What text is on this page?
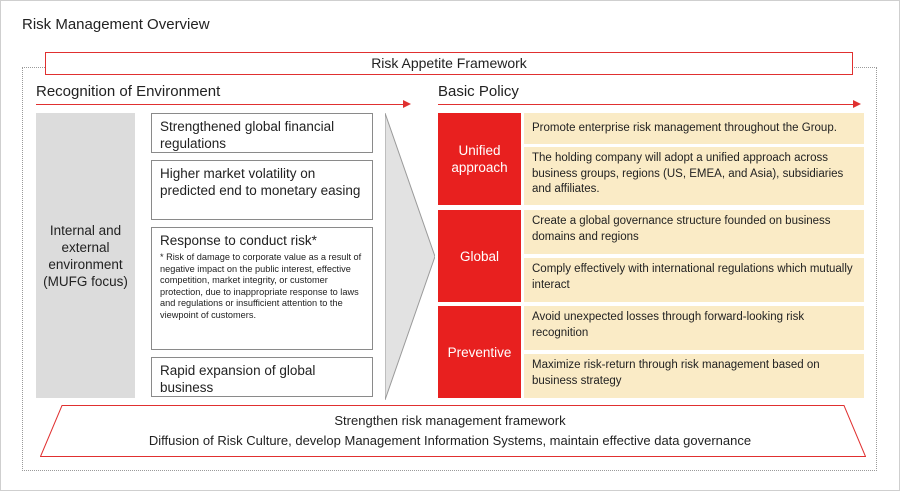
Risk Management Overview
Risk Appetite Framework
Recognition of Environment	Basic Policy
Internal and external environment (MUFG focus)
Strengthened global financial regulations
Higher market volatility on predicted end to monetary easing
Response to conduct risk*
* Risk of damage to corporate value as a result of negative impact on the public interest, effective competition, market integrity, or customer protection, due to inappropriate response to laws and regulations or insufficient attention to the viewpoint of customers.
Rapid expansion of global business
Unified approach
Global
Preventive
Promote enterprise risk management throughout the Group.
The holding company will adopt a unified approach across business groups, regions (US, EMEA, and Asia), subsidiaries and affiliates.
Create a global governance structure founded on business domains and regions
Comply effectively with international regulations which mutually interact
Avoid unexpected losses through forward-looking risk recognition
Maximize risk-return through risk management based on business strategy
Strengthen risk management framework
Diffusion of Risk Culture, develop Management Information Systems, maintain effective data governance
